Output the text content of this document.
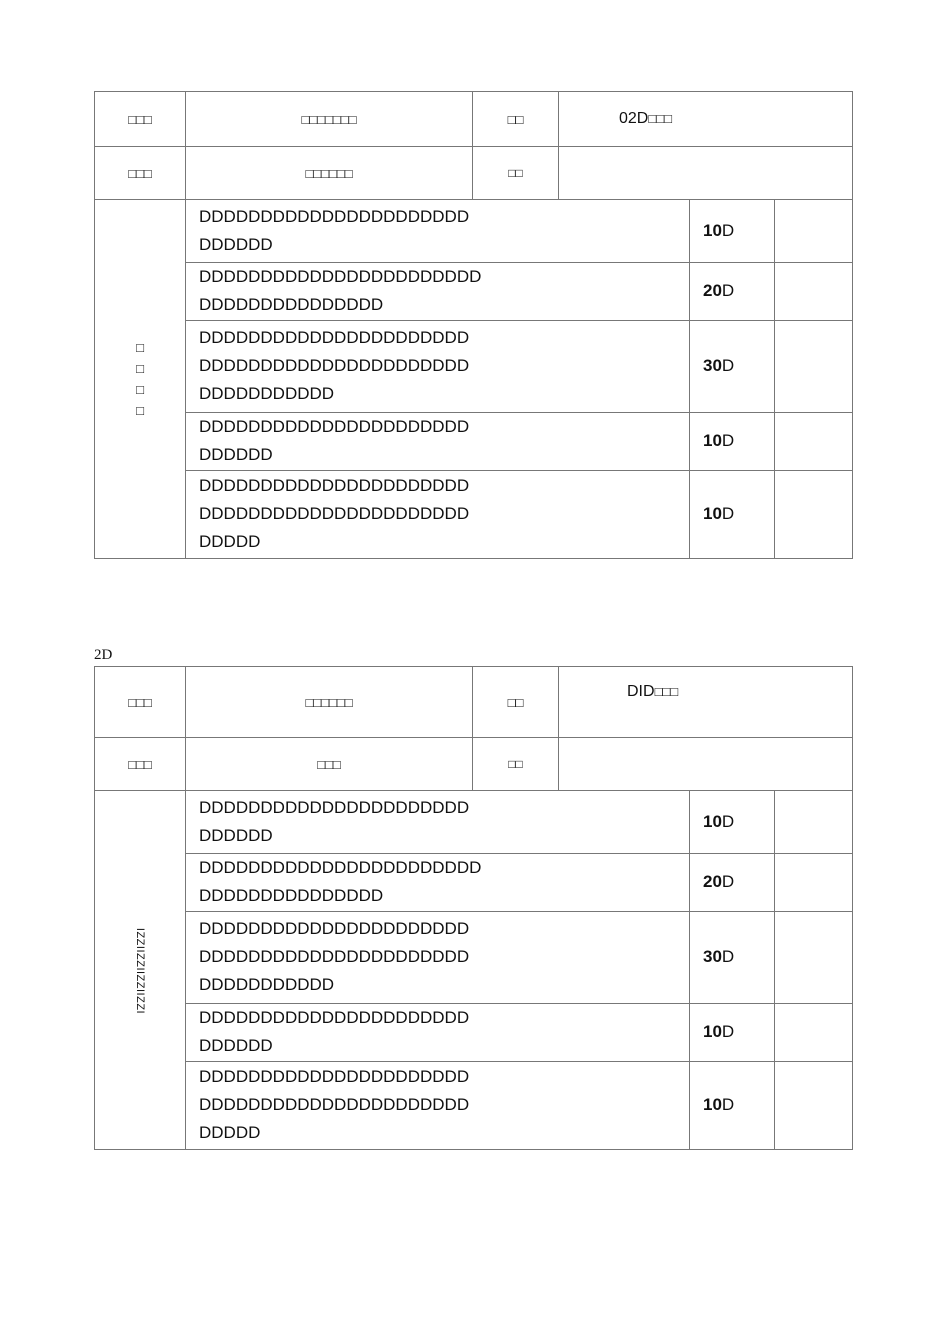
□□□	□□□□□□□	□□	02D□□□
□□□	□□□□□□	□□	
□
□
□
□	DDDDDDDDDDDDDDDDDDDDDD
DDDDDD	10D	
	DDDDDDDDDDDDDDDDDDDDDDD
DDDDDDDDDDDDDDD	20D	
	DDDDDDDDDDDDDDDDDDDDDD
DDDDDDDDDDDDDDDDDDDDDD
DDDDDDDDDDD	30D	
	DDDDDDDDDDDDDDDDDDDDDD
DDDDDD	10D	
	DDDDDDDDDDDDDDDDDDDDDD
DDDDDDDDDDDDDDDDDDDDDD
DDDDD	10D	
2D
□□□	□□□□□□	□□	DID□□□
□□□	□□□	□□	
IZZIIZZIIZZIIZZI	DDDDDDDDDDDDDDDDDDDDDD
DDDDDD	10D	
	DDDDDDDDDDDDDDDDDDDDDDD
DDDDDDDDDDDDDDD	20D	
	DDDDDDDDDDDDDDDDDDDDDD
DDDDDDDDDDDDDDDDDDDDDD
DDDDDDDDDDD	30D	
	DDDDDDDDDDDDDDDDDDDDDD
DDDDDD	10D	
	DDDDDDDDDDDDDDDDDDDDDD
DDDDDDDDDDDDDDDDDDDDDD
DDDDD	10D	
